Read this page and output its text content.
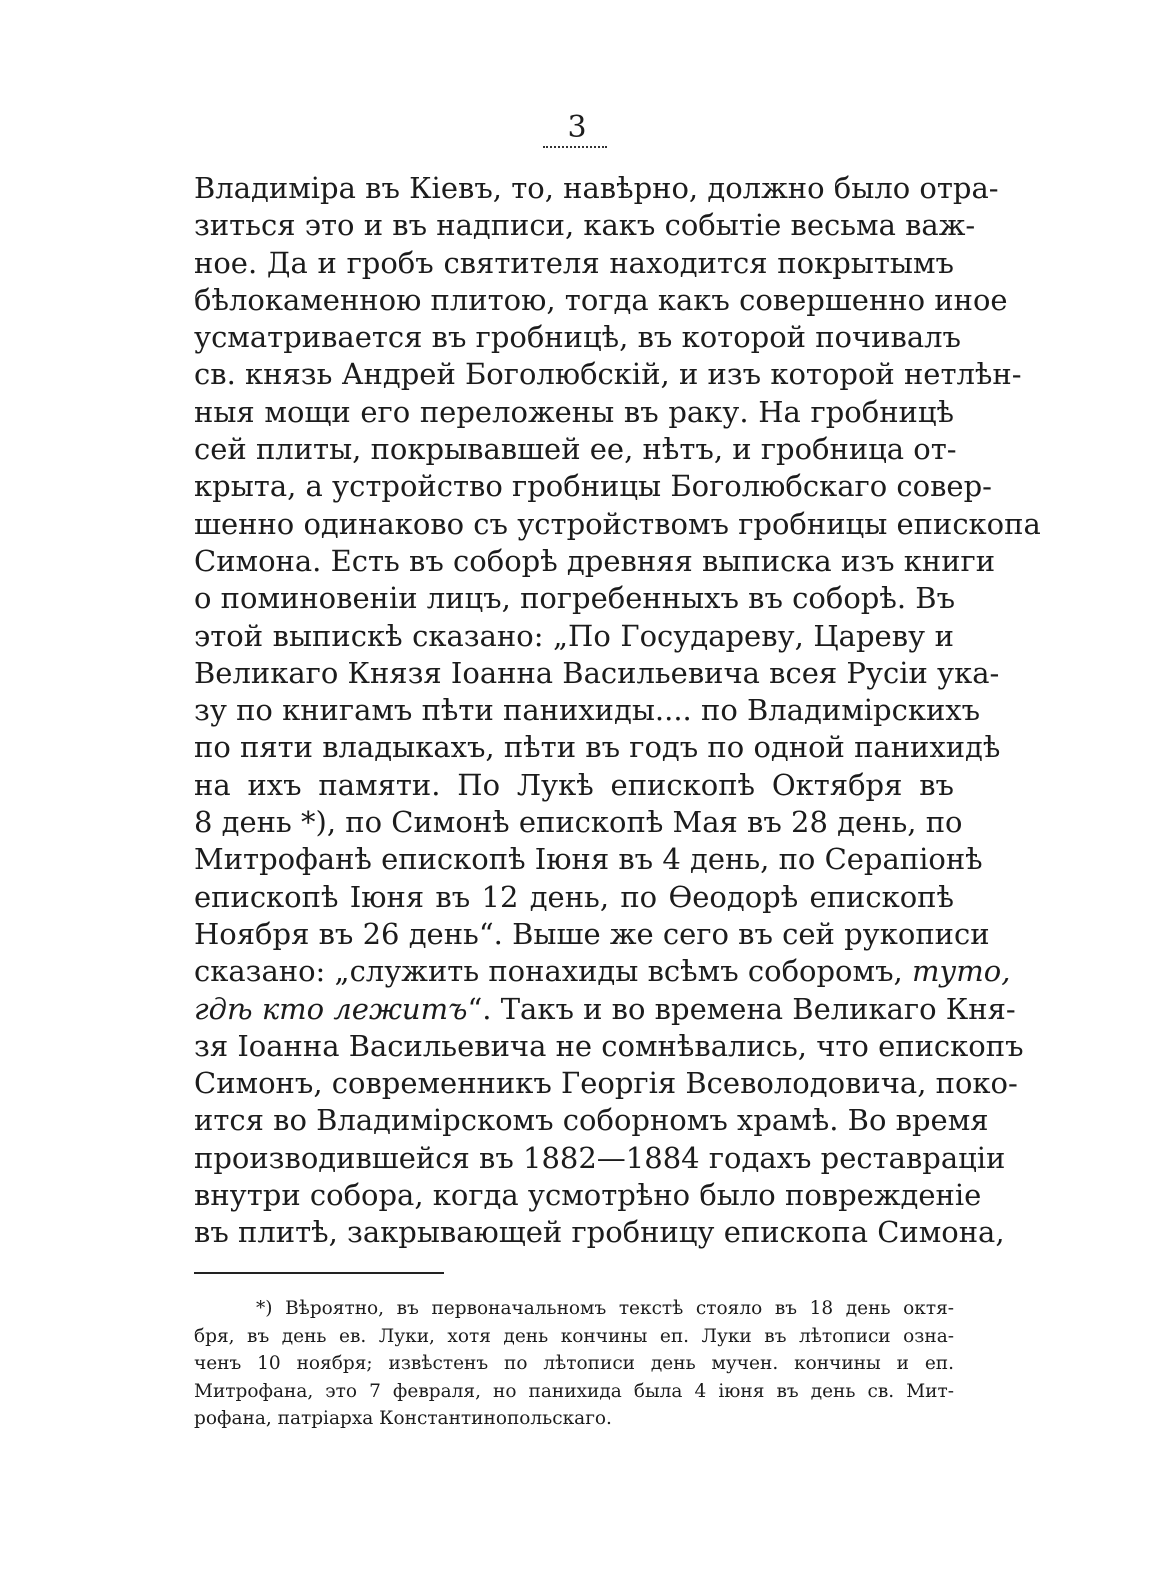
3
Владиміра въ Кіевъ, то, навѣрно, должно было отра-
зиться это и въ надписи, какъ событіе весьма важ-
ное. Да и гробъ святителя находится покрытымъ
бѣлокаменною плитою, тогда какъ совершенно иное
усматривается въ гробницѣ, въ которой почивалъ
св. князь Андрей Боголюбскій, и изъ которой нетлѣн-
ныя мощи его переложены въ раку. На гробницѣ
сей плиты, покрывавшей ее, нѣтъ, и гробница от-
крыта, а устройство гробницы Боголюбскаго совер-
шенно одинаково съ устройствомъ гробницы епископа
Симона. Есть въ соборѣ древняя выписка изъ книги
о поминовеніи лицъ, погребенныхъ въ соборѣ. Въ
этой выпискѣ сказано: „По Государеву, Цареву и
Великаго Князя Іоанна Васильевича всея Русіи ука-
зу по книгамъ пѣти панихиды.... по Владимірскихъ
по пяти владыкахъ, пѣти въ годъ по одной панихидѣ
на ихъ памяти. По Лукѣ епископѣ Октября въ
8 день *), по Симонѣ епископѣ Мая въ 28 день, по
Митрофанѣ епископѣ Іюня въ 4 день, по Серапіонѣ
епископѣ Іюня въ 12 день, по Ѳеодорѣ епископѣ
Ноября въ 26 день“. Выше же сего въ сей рукописи
сказано: „служить понахиды всѣмъ соборомъ, туто,
гдѣ кто лежитъ“. Такъ и во времена Великаго Кня-
зя Іоанна Васильевича не сомнѣвались, что епископъ
Симонъ, современникъ Георгія Всеволодовича, поко-
ится во Владимірскомъ соборномъ храмѣ. Во время
производившейся въ 1882—1884 годахъ реставраціи
внутри собора, когда усмотрѣно было поврежденіе
въ плитѣ, закрывающей гробницу епископа Симона,
*) Вѣроятно, въ первоначальномъ текстѣ стояло въ 18 день октя-
бря, въ день ев. Луки, хотя день кончины еп. Луки въ лѣтописи озна-
ченъ 10 ноября; извѣстенъ по лѣтописи день мучен. кончины и еп.
Митрофана, это 7 февраля, но панихида была 4 іюня въ день св. Мит-
рофана, патріарха Константинопольскаго.
